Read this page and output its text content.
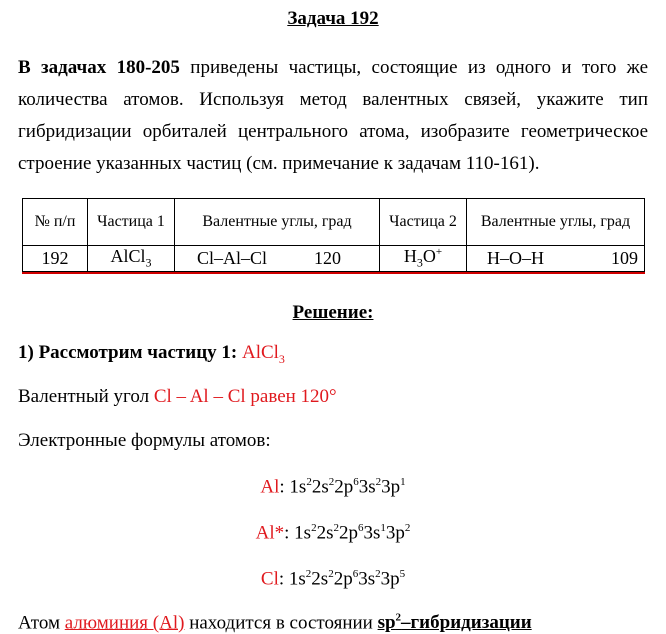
Задача 192
В задачах 180-205 приведены частицы, состоящие из одного и того же количества атомов. Используя метод валентных связей, укажите тип гибридизации орбиталей центрального атома, изобразите геометрическое строение указанных частиц (см. примечание к задачам 110-161).
№ п/п	Частица 1	Валентные углы, град	Частица 2	Валентные углы, град
192	AlCl$_3$	Cl–Al–Cl 120	$H_3O^+$	H–O–H 109
Решение:
1) Рассмотрим частицу 1: AlCl$_3$
Валентный угол Cl – Al – Cl равен 120°
Электронные формулы атомов:
Al: $1s^22s^22p^63s^23p^1$
Al*: $1s^22s^22p^63s^13p^2$
Cl: $1s^22s^22p^63s^23p^5$
Атом алюминия (Al) находится в состоянии $sp^2$–гибридизации
